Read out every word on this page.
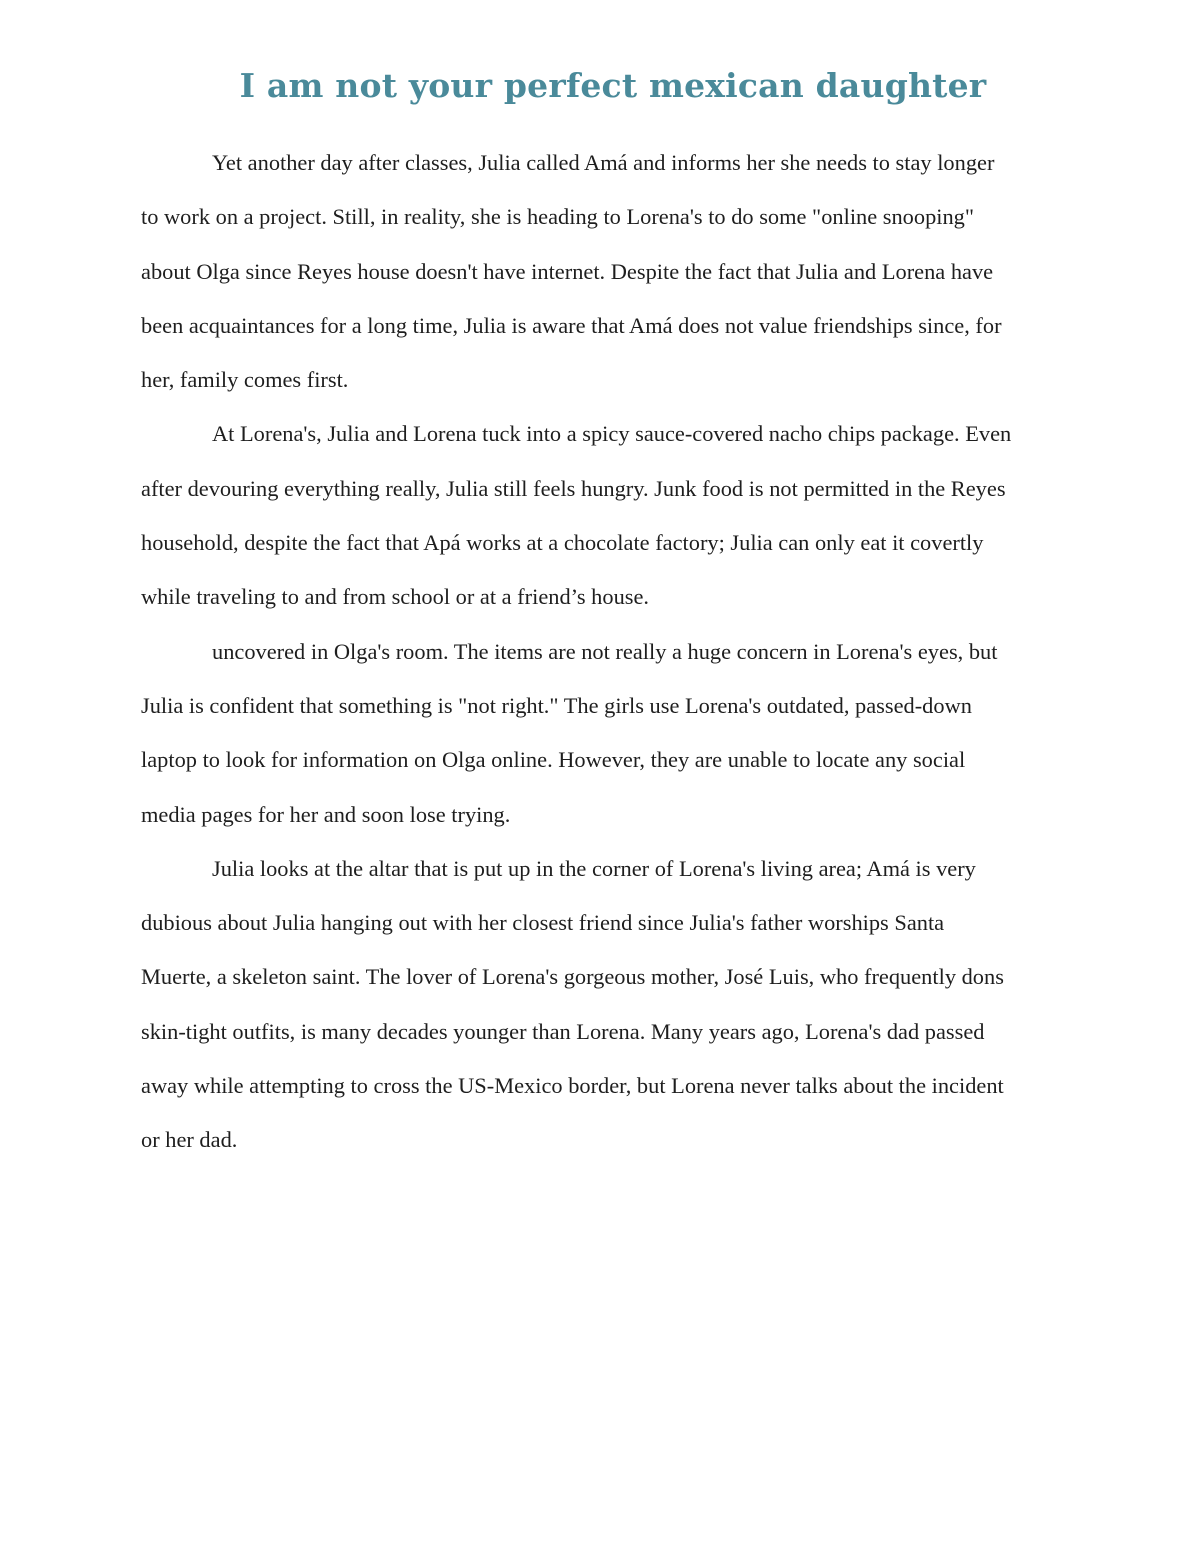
I am not your perfect mexican daughter

Yet another day after classes, Julia called Amá and informs her she needs to stay longer
to work on a project. Still, in reality, she is heading to Lorena's to do some "online snooping"
about Olga since Reyes house doesn't have internet. Despite the fact that Julia and Lorena have
been acquaintances for a long time, Julia is aware that Amá does not value friendships since, for
her, family comes first.

At Lorena's, Julia and Lorena tuck into a spicy sauce-covered nacho chips package. Even
after devouring everything really, Julia still feels hungry. Junk food is not permitted in the Reyes
household, despite the fact that Apá works at a chocolate factory; Julia can only eat it covertly
while traveling to and from school or at a friend’s house.

uncovered in Olga's room. The items are not really a huge concern in Lorena's eyes, but
Julia is confident that something is "not right." The girls use Lorena's outdated, passed-down
laptop to look for information on Olga online. However, they are unable to locate any social
media pages for her and soon lose trying.

Julia looks at the altar that is put up in the corner of Lorena's living area; Amá is very
dubious about Julia hanging out with her closest friend since Julia's father worships Santa
Muerte, a skeleton saint. The lover of Lorena's gorgeous mother, José Luis, who frequently dons
skin-tight outfits, is many decades younger than Lorena. Many years ago, Lorena's dad passed
away while attempting to cross the US-Mexico border, but Lorena never talks about the incident
or her dad.
